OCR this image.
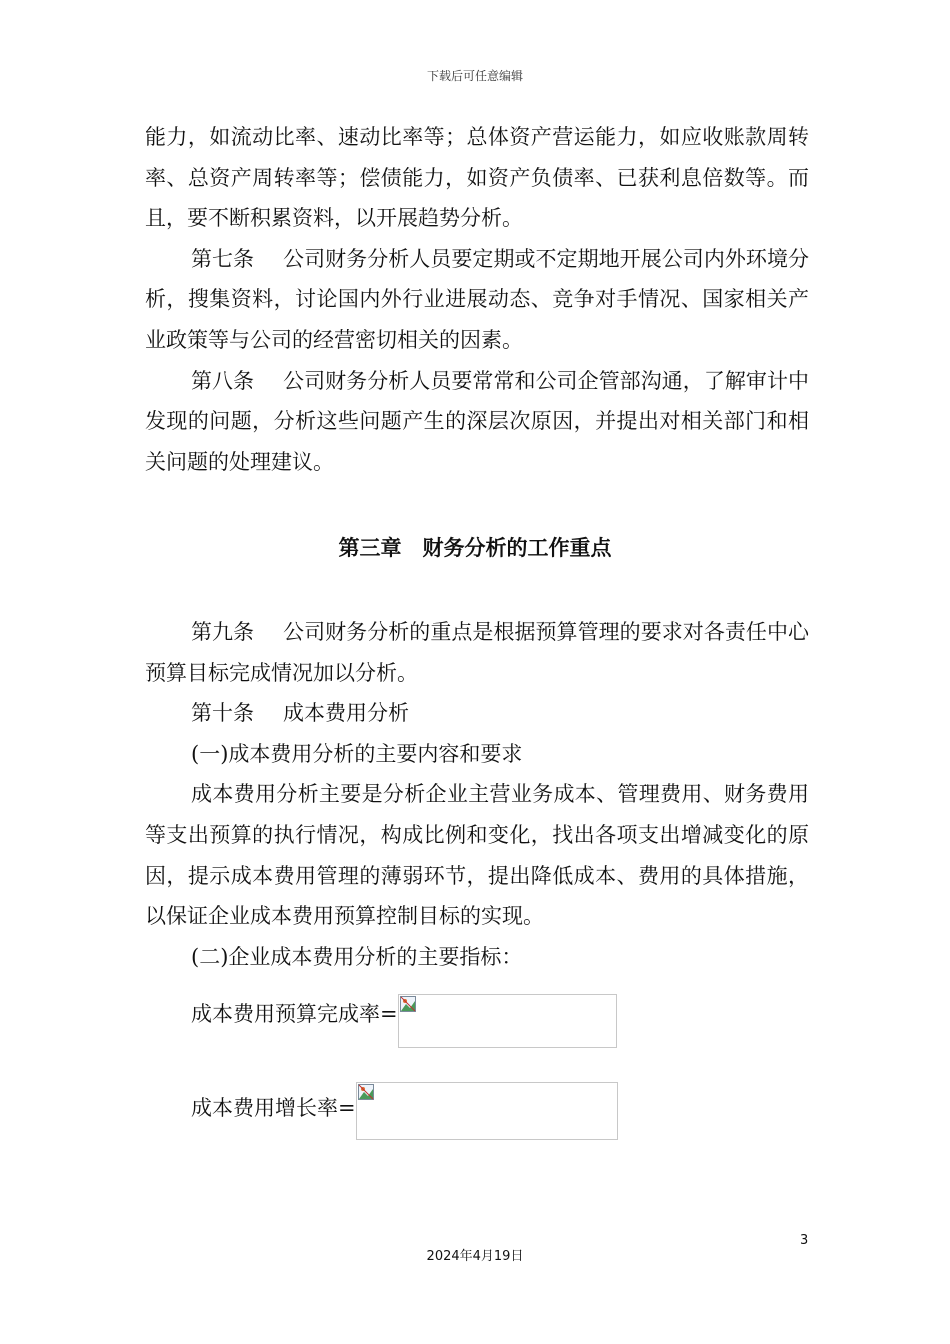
下载后可任意编辑

能力，如流动比率、速动比率等；总体资产营运能力，如应收账款周转率、总资产周转率等；偿债能力，如资产负债率、已获利息倍数等。而且，要不断积累资料，以开展趋势分析。

第七条 公司财务分析人员要定期或不定期地开展公司内外环境分析，搜集资料，讨论国内外行业进展动态、竞争对手情况、国家相关产业政策等与公司的经营密切相关的因素。

第八条 公司财务分析人员要常常和公司企管部沟通，了解审计中发现的问题，分析这些问题产生的深层次原因，并提出对相关部门和相关问题的处理建议。

第三章　财务分析的工作重点

第九条 公司财务分析的重点是根据预算管理的要求对各责任中心预算目标完成情况加以分析。

第十条 成本费用分析

(一)成本费用分析的主要内容和要求

成本费用分析主要是分析企业主营业务成本、管理费用、财务费用等支出预算的执行情况，构成比例和变化，找出各项支出增减变化的原因，提示成本费用管理的薄弱环节，提出降低成本、费用的具体措施，以保证企业成本费用预算控制目标的实现。

(二)企业成本费用分析的主要指标：

成本费用预算完成率=
成本费用增长率=
3
2024年4月19日
